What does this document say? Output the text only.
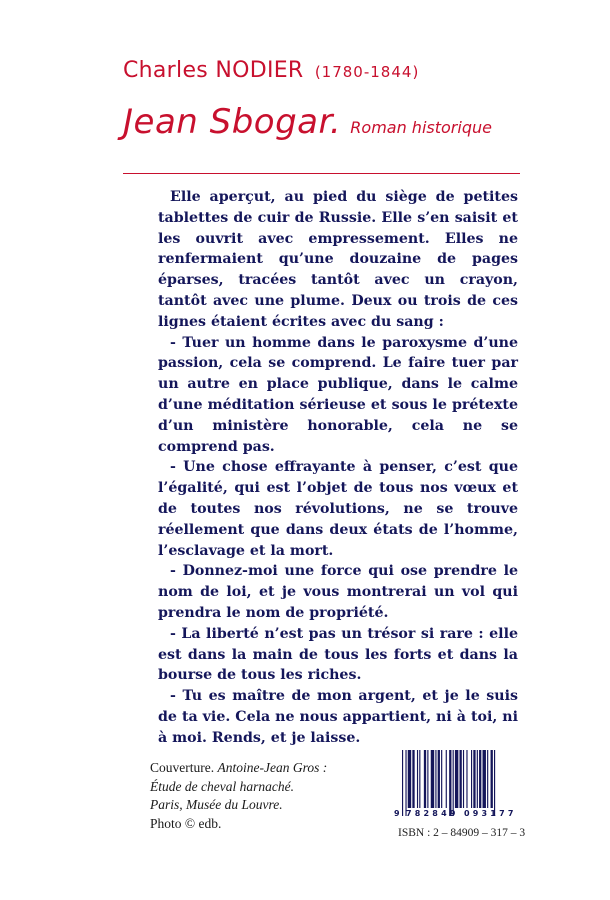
Charles NODIER (1780-1844)
Jean Sbogar. Roman historique

Elle aperçut, au pied du siège de petites tablettes de cuir de Russie. Elle s’en saisit et les ouvrit avec empressement. Elles ne renfermaient qu’une douzaine de pages éparses, tracées tantôt avec un crayon, tantôt avec une plume. Deux ou trois de ces lignes étaient écrites avec du sang :

- Tuer un homme dans le paroxysme d’une passion, cela se comprend. Le faire tuer par un autre en place publique, dans le calme d’une méditation sérieuse et sous le prétexte d’un ministère honorable, cela ne se comprend pas.

- Une chose effrayante à penser, c’est que l’égalité, qui est l’objet de tous nos vœux et de toutes nos révolutions, ne se trouve réellement que dans deux états de l’homme, l’esclavage et la mort.

- Donnez-moi une force qui ose prendre le nom de loi, et je vous montrerai un vol qui prendra le nom de propriété.

- La liberté n’est pas un trésor si rare : elle est dans la main de tous les forts et dans la bourse de tous les riches.

- Tu es maître de mon argent, et je le suis de ta vie. Cela ne nous appartient, ni à toi, ni à moi. Rends, et je laisse.

Couverture. Antoine-Jean Gros :
Étude de cheval harnaché.
Paris, Musée du Louvre.
Photo © edb.
9 782849 093177
ISBN : 2 – 84909 – 317 – 3
